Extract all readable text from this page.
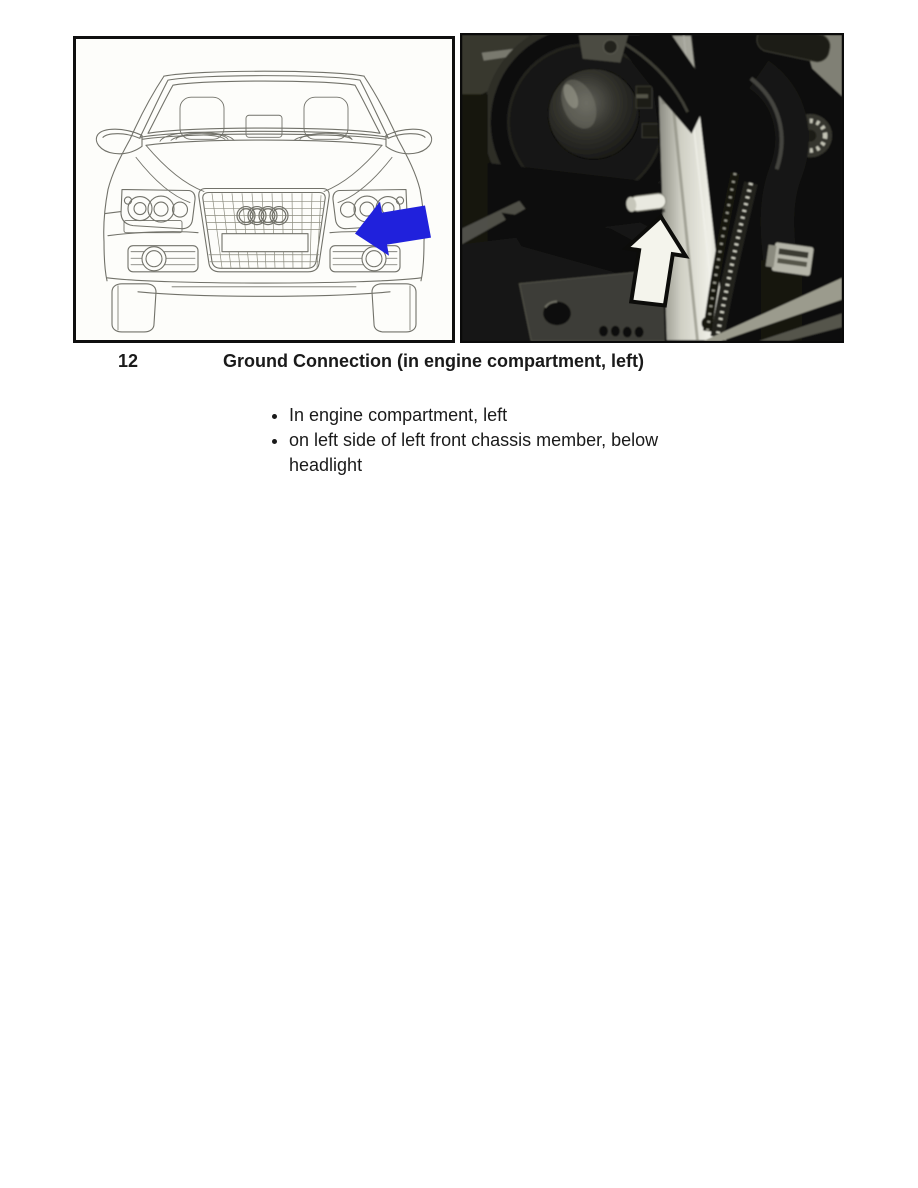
12	Ground Connection (in engine compartment, left)
• In engine compartment, left
• on left side of left front chassis member, below
headlight
